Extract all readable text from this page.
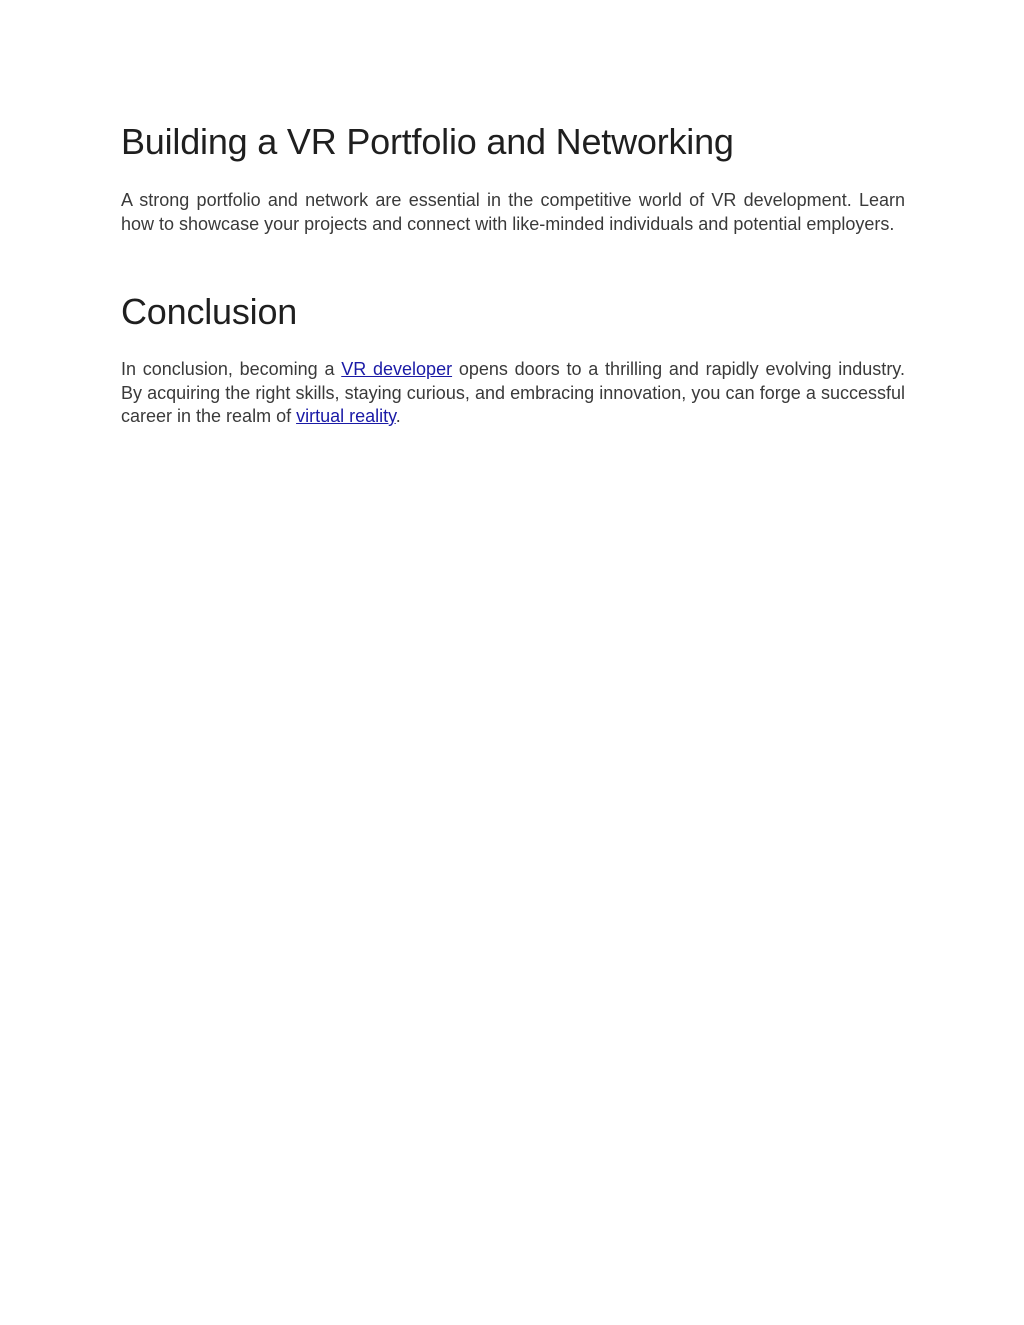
Building a VR Portfolio and Networking

A strong portfolio and network are essential in the competitive world of VR development. Learn how to showcase your projects and connect with like-minded individuals and potential employers.

Conclusion

In conclusion, becoming a VR developer opens doors to a thrilling and rapidly evolving industry. By acquiring the right skills, staying curious, and embracing innovation, you can forge a successful career in the realm of virtual reality.
